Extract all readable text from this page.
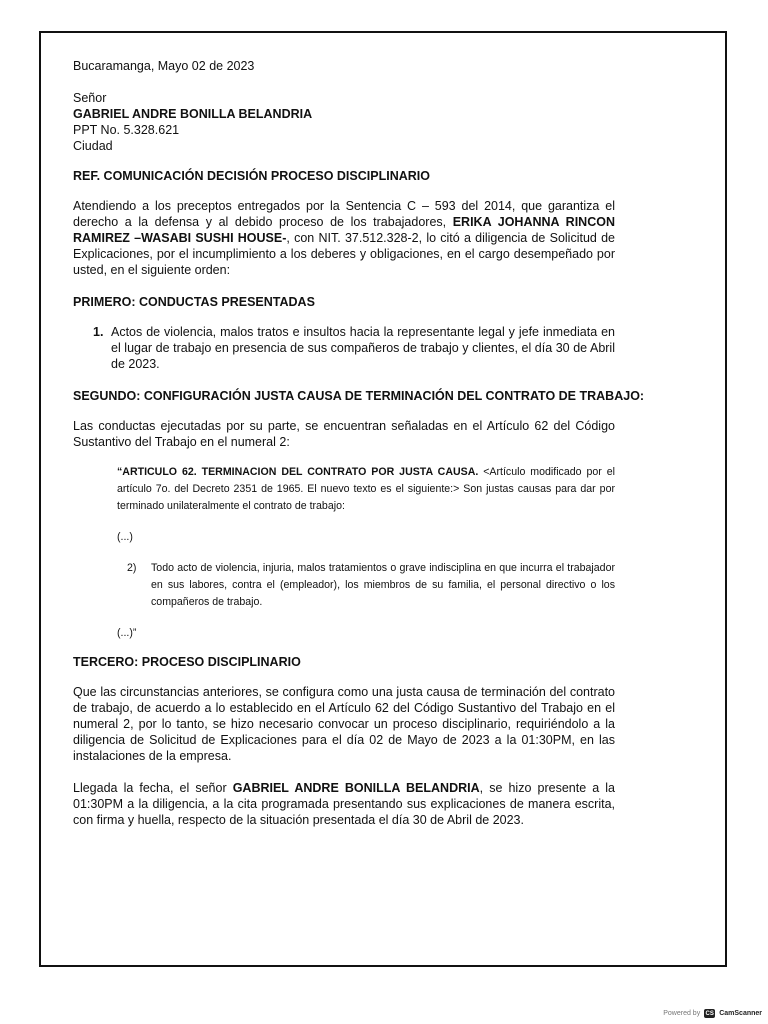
Bucaramanga, Mayo 02 de 2023

Señor

GABRIEL ANDRE BONILLA BELANDRIA

PPT No. 5.328.621

Ciudad

REF. COMUNICACIÓN DECISIÓN PROCESO DISCIPLINARIO

Atendiendo a los preceptos entregados por la Sentencia C – 593 del 2014, que garantiza el derecho a la defensa y al debido proceso de los trabajadores, ERIKA JOHANNA RINCON RAMIREZ –WASABI SUSHI HOUSE-, con NIT. 37.512.328-2, lo citó a diligencia de Solicitud de Explicaciones, por el incumplimiento a los deberes y obligaciones, en el cargo desempeñado por usted, en el siguiente orden:

PRIMERO: CONDUCTAS PRESENTADAS

1. Actos de violencia, malos tratos e insultos hacia la representante legal y jefe inmediata en el lugar de trabajo en presencia de sus compañeros de trabajo y clientes, el día 30 de Abril de 2023.

SEGUNDO: CONFIGURACIÓN JUSTA CAUSA DE TERMINACIÓN DEL CONTRATO DE TRABAJO:

Las conductas ejecutadas por su parte, se encuentran señaladas en el Artículo 62 del Código Sustantivo del Trabajo en el numeral 2:

“ARTICULO 62. TERMINACION DEL CONTRATO POR JUSTA CAUSA. <Artículo modificado por el artículo 7o. del Decreto 2351 de 1965. El nuevo texto es el siguiente:> Son justas causas para dar por terminado unilateralmente el contrato de trabajo:

(...)

2)	Todo acto de violencia, injuria, malos tratamientos o grave indisciplina en que incurra el trabajador en sus labores, contra el (empleador), los miembros de su familia, el personal directivo o los compañeros de trabajo.

(...)”

TERCERO: PROCESO DISCIPLINARIO

Que las circunstancias anteriores, se configura como una justa causa de terminación del contrato de trabajo, de acuerdo a lo establecido en el Artículo 62 del Código Sustantivo del Trabajo en el numeral 2, por lo tanto, se hizo necesario convocar un proceso disciplinario, requiriéndolo a la diligencia de Solicitud de Explicaciones para el día 02 de Mayo de 2023 a la 01:30PM, en las instalaciones de la empresa.

Llegada la fecha, el señor GABRIEL ANDRE BONILLA BELANDRIA, se hizo presente a la 01:30PM a la diligencia, a la cita programada presentando sus explicaciones de manera escrita, con firma y huella, respecto de la situación presentada el día 30 de Abril de 2023.

Powered by CS CamScanner
